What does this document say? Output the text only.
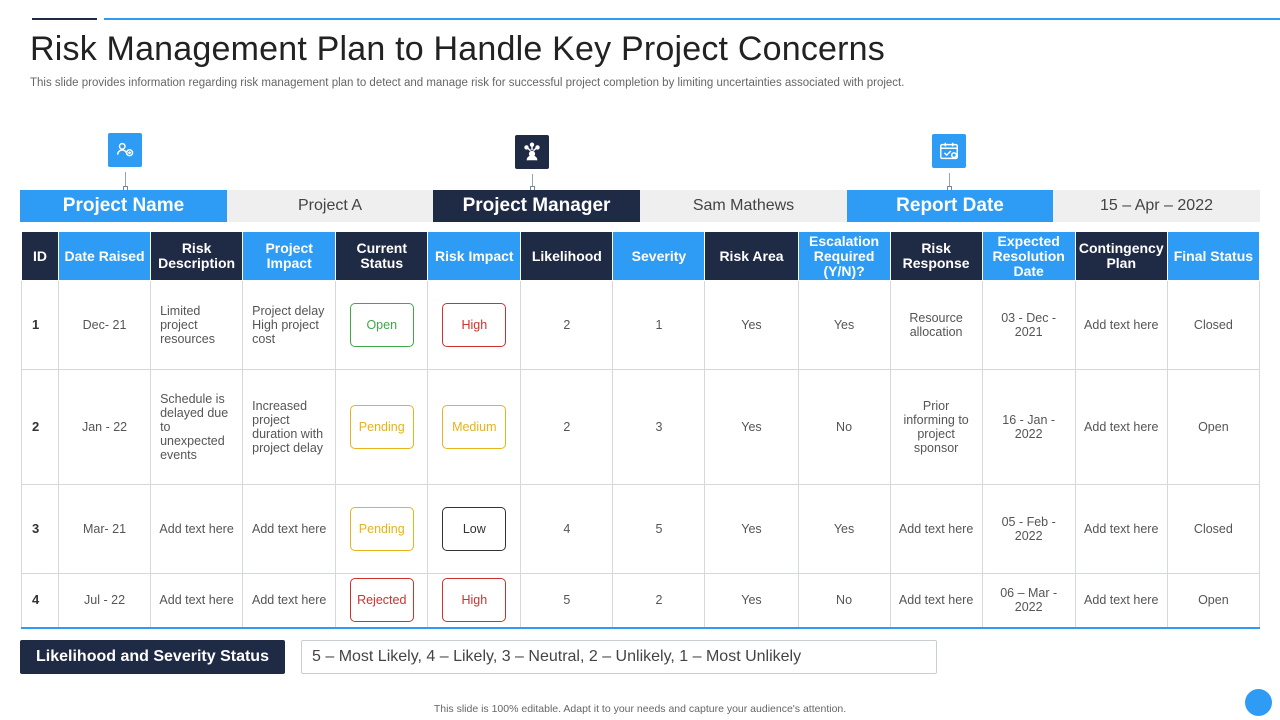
Risk Management Plan to Handle Key Project Concerns
This slide provides information regarding risk management plan to detect and manage risk for successful project completion by limiting uncertainties associated with project.
Project Name	Project A	Project Manager	Sam Mathews	Report Date	15 – Apr – 2022
ID	Date Raised	Risk Description	Project Impact	Current Status	Risk Impact	Likelihood	Severity	Risk Area	Escalation Required (Y/N)?	Risk Response	Expected Resolution Date	Contingency Plan	Final Status
1	Dec- 21	Limited project resources	Project delay High project cost	Open	High	2	1	Yes	Yes	Resource allocation	03 - Dec - 2021	Add text here	Closed
2	Jan - 22	Schedule is delayed due to unexpected events	Increased project duration with project delay	Pending	Medium	2	3	Yes	No	Prior informing to project sponsor	16 - Jan - 2022	Add text here	Open
3	Mar- 21	Add text here	Add text here	Pending	Low	4	5	Yes	Yes	Add text here	05 - Feb - 2022	Add text here	Closed
4	Jul - 22	Add text here	Add text here	Rejected	High	5	2	Yes	No	Add text here	06 – Mar - 2022	Add text here	Open
Likelihood and Severity Status	5 – Most Likely, 4 – Likely, 3 – Neutral, 2 – Unlikely, 1 – Most Unlikely
This slide is 100% editable. Adapt it to your needs and capture your audience's attention.
